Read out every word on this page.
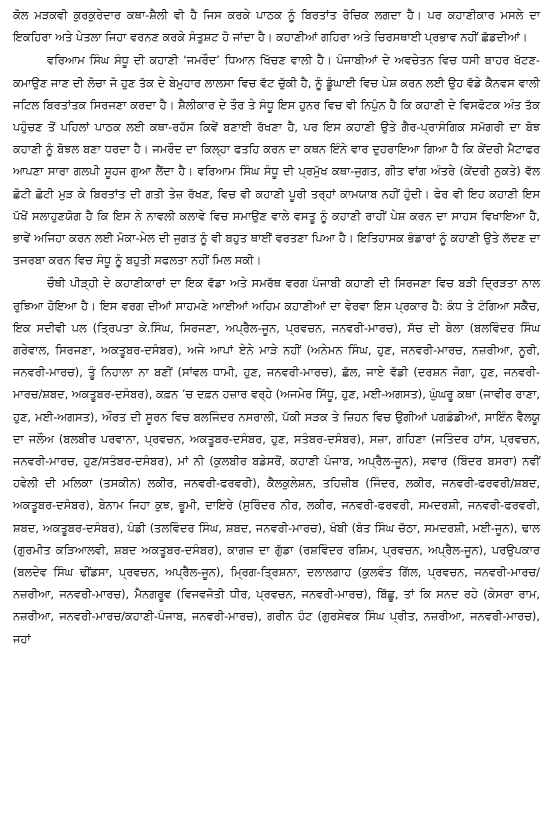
ਕੋਲ ਮੜਕਵੀ ਕੁਰਕੁਰੇਦਾਰ ਕਥਾ-ਸ਼ੈਲੀ ਵੀ ਹੈ ਜਿਸ ਕਰਕੇ ਪਾਠਕ ਨੂੰ ਬਿਰਤਾਂਤ ਰੋਚਿਕ ਲਗਦਾ ਹੈ। ਪਰ ਕਹਾਣੀਕਾਰ ਮਸਲੇ ਦਾ ਇਕਹਿਰਾ ਅਤੇ ਪੇਤਲਾ ਜਿਹਾ ਵਰਨਣ ਕਰਕੇ ਸੰਤੁਸ਼ਟ ਹੋ ਜਾਂਦਾ ਹੈ। ਕਹਾਣੀਆਂ ਗਹਿਰਾ ਅਤੇ ਚਿਰਸਥਾਈ ਪ੍ਰਭਾਵ ਨਹੀਂ ਛੱਡਦੀਆਂ।

ਵਰਿਆਮ ਸਿੰਘ ਸੰਧੂ ਦੀ ਕਹਾਣੀ ‘ਜਮਰੌਦ’ ਧਿਆਨ ਖਿੱਚਣ ਵਾਲੀ ਹੈ। ਪੰਜਾਬੀਆਂ ਦੇ ਅਵਚੇਤਨ ਵਿਚ ਧਸੀ ਬਾਹਰ ਖੱਟਣ-ਕਮਾਉਣ ਜਾਣ ਦੀ ਲੋਚਾ ਜੋ ਹੁਣ ਤੱਕ ਦੇ ਬੇਮੁਹਾਰ ਲਾਲਸਾ ਵਿਚ ਵੱਟ ਚੁੱਕੀ ਹੈ, ਨੂੰ ਡੂੰਘਾਈ ਵਿਚ ਪੇਸ਼ ਕਰਨ ਲਈ ਉਹ ਵੱਡੇ ਕੈਨਵਸ ਵਾਲੀ ਜਟਿਲ ਬਿਰਤਾਂਤਕ ਸਿਰਜਣਾ ਕਰਦਾ ਹੈ। ਸ਼ੈਲੀਕਾਰ ਦੇ ਤੌਰ ਤੇ ਸੰਧੂ ਇਸ ਹੁਨਰ ਵਿਚ ਵੀ ਨਿਪੁੰਨ ਹੈ ਕਿ ਕਹਾਣੀ ਦੇ ਵਿਸਫੋਟਕ ਅੰਤ ਤੱਕ ਪਹੁੰਚਣ ਤੋਂ ਪਹਿਲਾਂ ਪਾਠਕ ਲਈ ਕਥਾ-ਰਹੱਸ ਕਿਵੇਂ ਬਣਾਈ ਰੱਖਣਾ ਹੈ, ਪਰ ਇਸ ਕਹਾਣੀ ਉਤੇ ਗੈਰ-ਪ੍ਰਾਸੰਗਿਕ ਸਮੱਗਰੀ ਦਾ ਬੋਝ ਕਹਾਣੀ ਨੂੰ ਬੋਝਲ ਬਣਾ ਧਰਦਾ ਹੈ। ਜਮਰੌਦ ਦਾ ਕਿਲ੍ਹਾ ਫਤਹਿ ਕਰਨ ਦਾ ਕਥਨ ਇੰਨੇ ਵਾਰ ਦੁਹਰਾਇਆ ਗਿਆ ਹੈ ਕਿ ਕੇਂਦਰੀ ਮੈਟਾਫਰ ਆਪਣਾ ਸਾਰਾ ਗਲਪੀ ਸੂਹਜ ਗੁਆ ਲੈਂਦਾ ਹੈ। ਵਰਿਆਮ ਸਿੰਘ ਸੰਧੂ ਦੀ ਪ੍ਰਮੁੱਖ ਕਥਾ-ਜੁਗਤ, ਗੀਤ ਵਾਂਗ ਅੰਤਰੇ (ਕੇਂਦਰੀ ਨੁਕਤੇ) ਵੱਲ ਛੋਟੀ ਛੋਟੀ ਮੁੜ ਕੇ ਬਿਰਤਾਂਤ ਦੀ ਗਤੀ ਤੇਜ਼ ਰੱਖਣ, ਵਿਚ ਵੀ ਕਹਾਣੀ ਪੂਰੀ ਤਰ੍ਹਾਂ ਕਾਮਯਾਬ ਨਹੀਂ ਹੁੰਦੀ। ਫੇਰ ਵੀ ਇਹ ਕਹਾਣੀ ਇਸ ਪੱਖੋਂ ਸਲਾਹੁਣਯੋਗ ਹੈ ਕਿ ਇਸ ਨੇ ਨਾਵਲੀ ਕਲਾਵੇ ਵਿਚ ਸਮਾਉਣ ਵਾਲੇ ਵਸਤੂ ਨੂੰ ਕਹਾਣੀ ਰਾਹੀਂ ਪੇਸ਼ ਕਰਨ ਦਾ ਸਾਹਸ ਵਿਖਾਇਆ ਹੈ, ਭਾਵੇਂ ਅਜਿਹਾ ਕਰਨ ਲਈ ਮੋਕਾ-ਮੇਲ ਦੀ ਜੁਗਤ ਨੂੰ ਵੀ ਬਹੁਤ ਥਾਈਂ ਵਰਤਣਾ ਪਿਆ ਹੈ। ਇਤਿਹਾਸਕ ਭੰਡਾਰਾਂ ਨੂੰ ਕਹਾਣੀ ਉਤੇ ਲੱਦਣ ਦਾ ਤਜਰਬਾ ਕਰਨ ਵਿਚ ਸੰਧੂ ਨੂੰ ਬਹੁਤੀ ਸਫਲਤਾ ਨਹੀਂ ਮਿਲ ਸਕੀ।

ਚੌਥੀ ਪੀੜ੍ਹੀ ਦੇ ਕਹਾਣੀਕਾਰਾਂ ਦਾ ਇਕ ਵੱਡਾ ਅਤੇ ਸਮਰੱਥ ਵਰਗ ਪੰਜਾਬੀ ਕਹਾਣੀ ਦੀ ਸਿਰਜਣਾ ਵਿਚ ਬੜੀ ਦ੍ਰਿੜਤਾ ਨਾਲ ਰੁਝਿਆ ਹੋਇਆ ਹੈ। ਇਸ ਵਰਗ ਦੀਆਂ ਸਾਹਮਣੇ ਆਈਆਂ ਅਹਿਮ ਕਹਾਣੀਆਂ ਦਾ ਵੇਰਵਾ ਇਸ ਪ੍ਰਕਾਰ ਹੈ: ਕੰਧ ਤੇ ਟੰਗਿਆ ਸਕੈੱਚ, ਇਕ ਸਦੀਵੀ ਪਲ (ਤ੍ਰਿਪਤਾ ਕੇ.ਸਿੰਘ, ਸਿਰਜਣਾ, ਅਪ੍ਰੈਲ-ਜੂਨ, ਪ੍ਰਵਚਨ, ਜਨਵਰੀ-ਮਾਰਚ), ਸੱਚ ਦੀ ਬੇਲਾ (ਬਲਵਿੰਦਰ ਸਿੰਘ ਗਰੇਵਾਲ, ਸਿਰਜਣਾ, ਅਕਤੂਬਰ-ਦਸੰਬਰ), ਅਜੇ ਆਪਾਂ ਏਨੇ ਮਾੜੇ ਨਹੀਂ (ਅਨੇਮਨ ਸਿੰਘ, ਹੁਣ, ਜਨਵਰੀ-ਮਾਰਚ, ਨਜ਼ਰੀਆ, ਨੂਰੀ, ਜਨਵਰੀ-ਮਾਰਚ), ਤੂੰ ਨਿਹਾਲਾ ਨਾ ਬਣੀਂ (ਸਾਂਵਲ ਧਾਮੀ, ਹੁਣ, ਜਨਵਰੀ-ਮਾਰਚ), ਛੱਲ, ਜਾਏ ਵੱਡੀ (ਦਰਸ਼ਨ ਜੋਗਾ, ਹੁਣ, ਜਨਵਰੀ-ਮਾਰਚ/ਸ਼ਬਦ, ਅਕਤੂਬਰ-ਦਸੰਬਰ), ਕਫ਼ਨ ’ਚ ਦਫ਼ਨ ਹਜ਼ਾਰ ਵਰ੍ਹੇ (ਅਜਮੇਰ ਸਿੱਧੂ, ਹੁਣ, ਮਈ-ਅਗਸਤ), ਘੁੰਘਰੂ ਕਥਾ (ਜਾਵੀਰ ਰਾਣਾ, ਹੁਣ, ਮਈ-ਅਗਸਤ), ਔਰਤ ਦੀ ਸੂਰਨ ਵਿਚ ਬਲਜਿੰਦਰ ਨਸਰਾਲੀ, ਪੱਕੀ ਸੜਕ ਤੇ ਜ਼ਿਹਨ ਵਿਚ ਉਗੀਆਂ ਪਗਡੰਡੀਆਂ, ਸਾਇੰਨ ਵੈਲਯੂ ਦਾ ਜਲੌਅ (ਬਲਬੀਰ ਪਰਵਾਨਾ, ਪ੍ਰਵਚਨ, ਅਕਤੂਬਰ-ਦਸੰਬਰ, ਹੁਣ, ਸਤੰਬਰ-ਦਸੰਬਰ), ਸਜ਼ਾ, ਗਹਿਣਾ (ਜਤਿੰਦਰ ਹਾਂਸ, ਪ੍ਰਵਚਨ, ਜਨਵਰੀ-ਮਾਰਚ, ਹੁਣ/ਸਤੰਬਰ-ਦਸੰਬਰ), ਮਾਂ ਨੀ (ਕੁਲਬੀਰ ਬਡੇਸਰੋਂ, ਕਹਾਣੀ ਪੰਜਾਬ, ਅਪ੍ਰੈਲ-ਜੂਨ), ਸਵਾਰ (ਬਿੰਦਰ ਬਸਰਾ) ਨਵੀਂ ਹਵੇਲੀ ਦੀ ਮਲਿਕਾ (ਤਸਕੀਨ) ਲਕੀਰ, ਜਨਵਰੀ-ਫਰਵਰੀ), ਕੈਲਕੁਲੇਸ਼ਨ, ਤਹਿਜ਼ੀਬ (ਜਿੰਦਰ, ਲਕੀਰ, ਜਨਵਰੀ-ਫਰਵਰੀ/ਸ਼ਬਦ, ਅਕਤੂਬਰ-ਦਸੰਬਰ), ਬੇਨਾਮ ਜਿਹਾ ਕੁਝ, ਭੂਮੀ, ਦਾਇਰੇ (ਸੁਰਿੰਦਰ ਨੀਰ, ਲਕੀਰ, ਜਨਵਰੀ-ਫਰਵਰੀ, ਸਮਦਰਸ਼ੀ, ਜਨਵਰੀ-ਫਰਵਰੀ, ਸ਼ਬਦ, ਅਕਤੂਬਰ-ਦਸੰਬਰ), ਪੰਡੀ (ਤਲਵਿੰਦਰ ਸਿੰਘ, ਸ਼ਬਦ, ਜਨਵਰੀ-ਮਾਰਚ), ਖੰਬੀ (ਬੰਤ ਸਿੰਘ ਚੱਠਾ, ਸਮਦਰਸ਼ੀ, ਮਈ-ਜੂਨ), ਢਾਲ (ਗੁਰਮੀਤ ਕੜਿਆਲਵੀ, ਸ਼ਬਦ ਅਕਤੂਬਰ-ਦਸੰਬਰ), ਕਾਗਜ਼ ਦਾ ਗੁੱਡਾ (ਰਸ਼ਵਿੰਦਰ ਰਸ਼ਿਮ, ਪ੍ਰਵਚਨ, ਅਪ੍ਰੈਲ-ਜੂਨ), ਪਰਉਪਕਾਰ (ਬਲਦੇਵ ਸਿੰਘ ਢੀਂਡਸਾ, ਪ੍ਰਵਚਨ, ਅਪ੍ਰੈਲ-ਜੂਨ), ਮ੍ਰਿਗ-ਤ੍ਰਿਸ਼ਨਾ, ਦਲਾਲਗਾਹ (ਕੁਲਵੰਤ ਗਿੱਲ, ਪ੍ਰਵਚਨ, ਜਨਵਰੀ-ਮਾਰਚ/ਨਜ਼ਰੀਆ, ਜਨਵਰੀ-ਮਾਰਚ), ਮੈਨਗਰੂਵ (ਵਿਜਵਜੋਤੀ ਧੀਰ, ਪ੍ਰਵਚਨ, ਜਨਵਰੀ-ਮਾਰਚ), ਬਿੱਛੂ, ਤਾਂ ਕਿ ਸਨਦ ਰਹੇ (ਕੇਸਰਾ ਰਾਮ, ਨਜ਼ਰੀਆ, ਜਨਵਰੀ-ਮਾਰਚ/ਕਹਾਣੀ-ਪੰਜਾਬ, ਜਨਵਰੀ-ਮਾਰਚ), ਗਰੀਨ ਹੰਟ (ਗੁਰਸੇਵਕ ਸਿੰਘ ਪ੍ਰੀਤ, ਨਜ਼ਰੀਆ, ਜਨਵਰੀ-ਮਾਰਚ), ਜਹਾਂ
